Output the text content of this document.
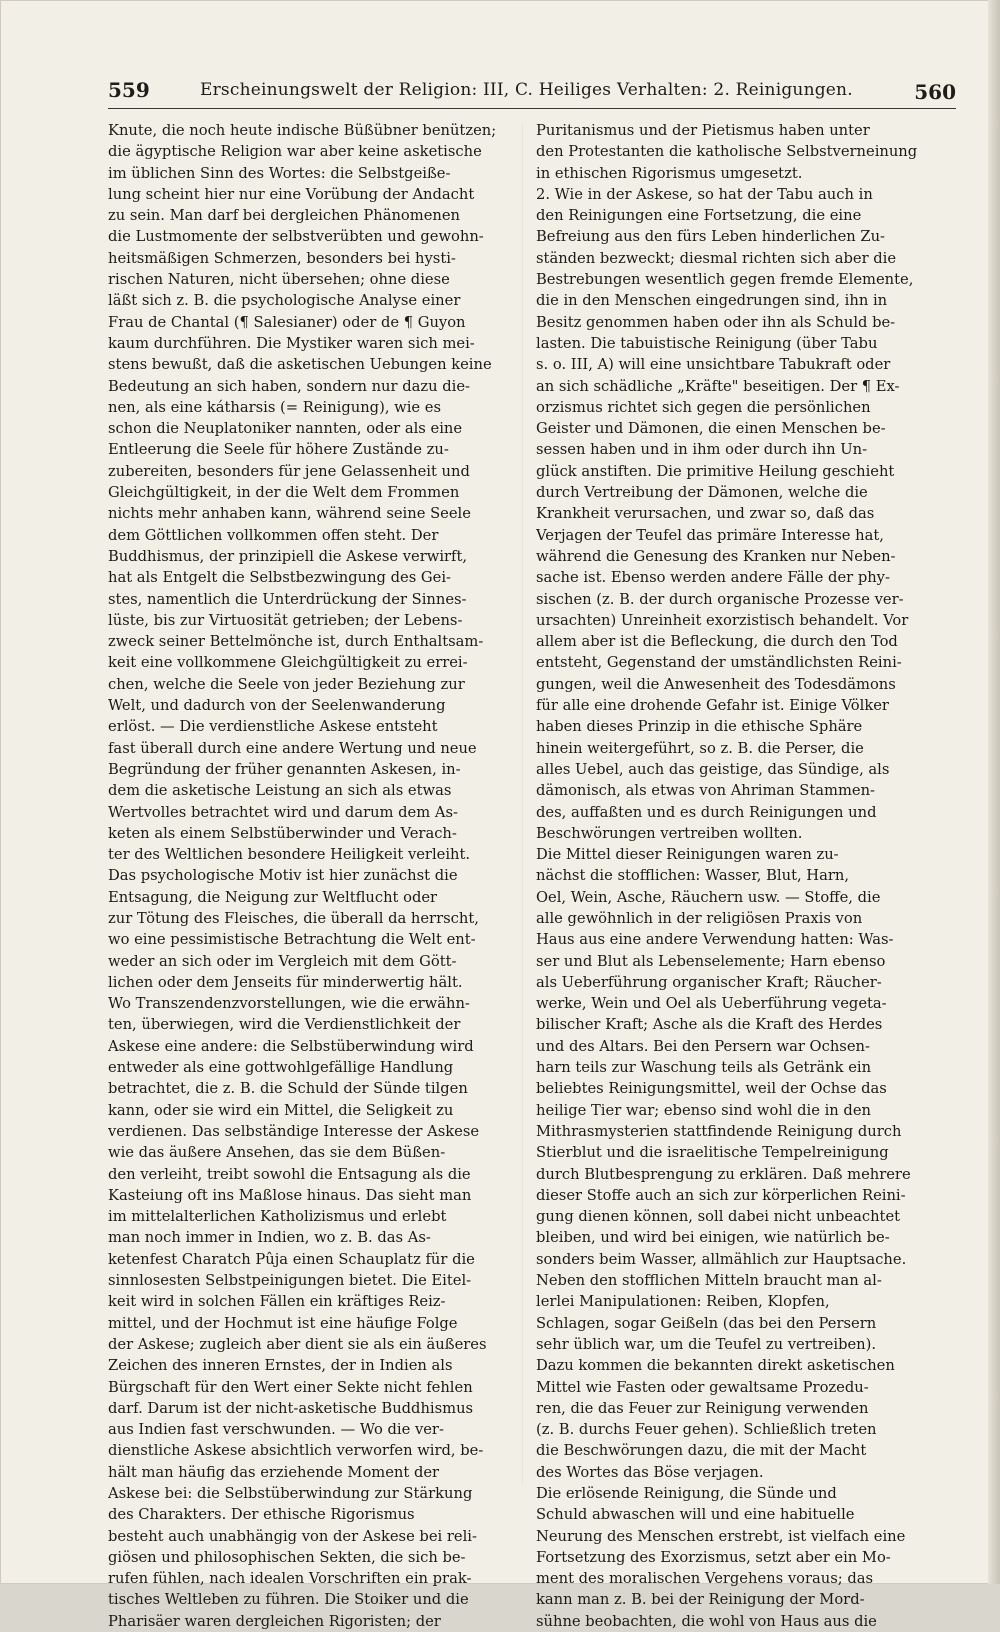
559	Erscheinungswelt der Religion: III, C. Heiliges Verhalten: 2. Reinigungen.	560
Knute, die noch heute indische Büßübner benützen;
die ägyptische Religion war aber keine asketische
im üblichen Sinn des Wortes: die Selbstgeiße-
lung scheint hier nur eine Vorübung der Andacht
zu sein. Man darf bei dergleichen Phänomenen
die Lustmomente der selbstverübten und gewohn-
heitsmäßigen Schmerzen, besonders bei hysti-
rischen Naturen, nicht übersehen; ohne diese
läßt sich z. B. die psychologische Analyse einer
Frau de Chantal (¶ Salesianer) oder de ¶ Guyon
kaum durchführen. Die Mystiker waren sich mei-
stens bewußt, daß die asketischen Uebungen keine
Bedeutung an sich haben, sondern nur dazu die-
nen, als eine kátharsis (= Reinigung), wie es
schon die Neuplatoniker nannten, oder als eine
Entleerung die Seele für höhere Zustände zu-
zubereiten, besonders für jene Gelassenheit und
Gleichgültigkeit, in der die Welt dem Frommen
nichts mehr anhaben kann, während seine Seele
dem Göttlichen vollkommen offen steht. Der
Buddhismus, der prinzipiell die Askese verwirft,
hat als Entgelt die Selbstbezwingung des Gei-
stes, namentlich die Unterdrückung der Sinnes-
lüste, bis zur Virtuosität getrieben; der Lebens-
zweck seiner Bettelmönche ist, durch Enthaltsam-
keit eine vollkommene Gleichgültigkeit zu errei-
chen, welche die Seele von jeder Beziehung zur
Welt, und dadurch von der Seelenwanderung
erlöst. — Die verdienstliche Askese entsteht
fast überall durch eine andere Wertung und neue
Begründung der früher genannten Askesen, in-
dem die asketische Leistung an sich als etwas
Wertvolles betrachtet wird und darum dem As-
keten als einem Selbstüberwinder und Verach-
ter des Weltlichen besondere Heiligkeit verleiht.
Das psychologische Motiv ist hier zunächst die
Entsagung, die Neigung zur Weltflucht oder
zur Tötung des Fleisches, die überall da herrscht,
wo eine pessimistische Betrachtung die Welt ent-
weder an sich oder im Vergleich mit dem Gött-
lichen oder dem Jenseits für minderwertig hält.
Wo Transzendenzvorstellungen, wie die erwähn-
ten, überwiegen, wird die Verdienstlichkeit der
Askese eine andere: die Selbstüberwindung wird
entweder als eine gottwohlgefällige Handlung
betrachtet, die z. B. die Schuld der Sünde tilgen
kann, oder sie wird ein Mittel, die Seligkeit zu
verdienen. Das selbständige Interesse der Askese
wie das äußere Ansehen, das sie dem Büßen-
den verleiht, treibt sowohl die Entsagung als die
Kasteiung oft ins Maßlose hinaus. Das sieht man
im mittelalterlichen Katholizismus und erlebt
man noch immer in Indien, wo z. B. das As-
ketenfest Charatch Pûja einen Schauplatz für die
sinnlosesten Selbstpeinigungen bietet. Die Eitel-
keit wird in solchen Fällen ein kräftiges Reiz-
mittel, und der Hochmut ist eine häufige Folge
der Askese; zugleich aber dient sie als ein äußeres
Zeichen des inneren Ernstes, der in Indien als
Bürgschaft für den Wert einer Sekte nicht fehlen
darf. Darum ist der nicht-asketische Buddhismus
aus Indien fast verschwunden. — Wo die ver-
dienstliche Askese absichtlich verworfen wird, be-
hält man häufig das erziehende Moment der
Askese bei: die Selbstüberwindung zur Stärkung
des Charakters. Der ethische Rigorismus
besteht auch unabhängig von der Askese bei reli-
giösen und philosophischen Sekten, die sich be-
rufen fühlen, nach idealen Vorschriften ein prak-
tisches Weltleben zu führen. Die Stoiker und die
Pharisäer waren dergleichen Rigoristen; der
Puritanismus und der Pietismus haben unter
den Protestanten die katholische Selbstverneinung
in ethischen Rigorismus umgesetzt.
2. Wie in der Askese, so hat der Tabu auch in
den Reinigungen eine Fortsetzung, die eine
Befreiung aus den fürs Leben hinderlichen Zu-
ständen bezweckt; diesmal richten sich aber die
Bestrebungen wesentlich gegen fremde Elemente,
die in den Menschen eingedrungen sind, ihn in
Besitz genommen haben oder ihn als Schuld be-
lasten. Die tabuistische Reinigung (über Tabu
s. o. III, A) will eine unsichtbare Tabukraft oder
an sich schädliche „Kräfte" beseitigen. Der ¶ Ex-
orzismus richtet sich gegen die persönlichen
Geister und Dämonen, die einen Menschen be-
sessen haben und in ihm oder durch ihn Un-
glück anstiften. Die primitive Heilung geschieht
durch Vertreibung der Dämonen, welche die
Krankheit verursachen, und zwar so, daß das
Verjagen der Teufel das primäre Interesse hat,
während die Genesung des Kranken nur Neben-
sache ist. Ebenso werden andere Fälle der phy-
sischen (z. B. der durch organische Prozesse ver-
ursachten) Unreinheit exorzistisch behandelt. Vor
allem aber ist die Befleckung, die durch den Tod
entsteht, Gegenstand der umständlichsten Reini-
gungen, weil die Anwesenheit des Todesdämons
für alle eine drohende Gefahr ist. Einige Völker
haben dieses Prinzip in die ethische Sphäre
hinein weitergeführt, so z. B. die Perser, die
alles Uebel, auch das geistige, das Sündige, als
dämonisch, als etwas von Ahriman Stammen-
des, auffaßten und es durch Reinigungen und
Beschwörungen vertreiben wollten.
Die Mittel dieser Reinigungen waren zu-
nächst die stofflichen: Wasser, Blut, Harn,
Oel, Wein, Asche, Räuchern usw. — Stoffe, die
alle gewöhnlich in der religiösen Praxis von
Haus aus eine andere Verwendung hatten: Was-
ser und Blut als Lebenselemente; Harn ebenso
als Ueberführung organischer Kraft; Räucher-
werke, Wein und Oel als Ueberführung vegeta-
bilischer Kraft; Asche als die Kraft des Herdes
und des Altars. Bei den Persern war Ochsen-
harn teils zur Waschung teils als Getränk ein
beliebtes Reinigungsmittel, weil der Ochse das
heilige Tier war; ebenso sind wohl die in den
Mithrasmysterien stattfindende Reinigung durch
Stierblut und die israelitische Tempelreinigung
durch Blutbesprengung zu erklären. Daß mehrere
dieser Stoffe auch an sich zur körperlichen Reini-
gung dienen können, soll dabei nicht unbeachtet
bleiben, und wird bei einigen, wie natürlich be-
sonders beim Wasser, allmählich zur Hauptsache.
Neben den stofflichen Mitteln braucht man al-
lerlei Manipulationen: Reiben, Klopfen,
Schlagen, sogar Geißeln (das bei den Persern
sehr üblich war, um die Teufel zu vertreiben).
Dazu kommen die bekannten direkt asketischen
Mittel wie Fasten oder gewaltsame Prozedu-
ren, die das Feuer zur Reinigung verwenden
(z. B. durchs Feuer gehen). Schließlich treten
die Beschwörungen dazu, die mit der Macht
des Wortes das Böse verjagen.
Die erlösende Reinigung, die Sünde und
Schuld abwaschen will und eine habituelle
Neurung des Menschen erstrebt, ist vielfach eine
Fortsetzung des Exorzismus, setzt aber ein Mo-
ment des moralischen Vergehens voraus; das
kann man z. B. bei der Reinigung der Mord-
sühne beobachten, die wohl von Haus aus die
